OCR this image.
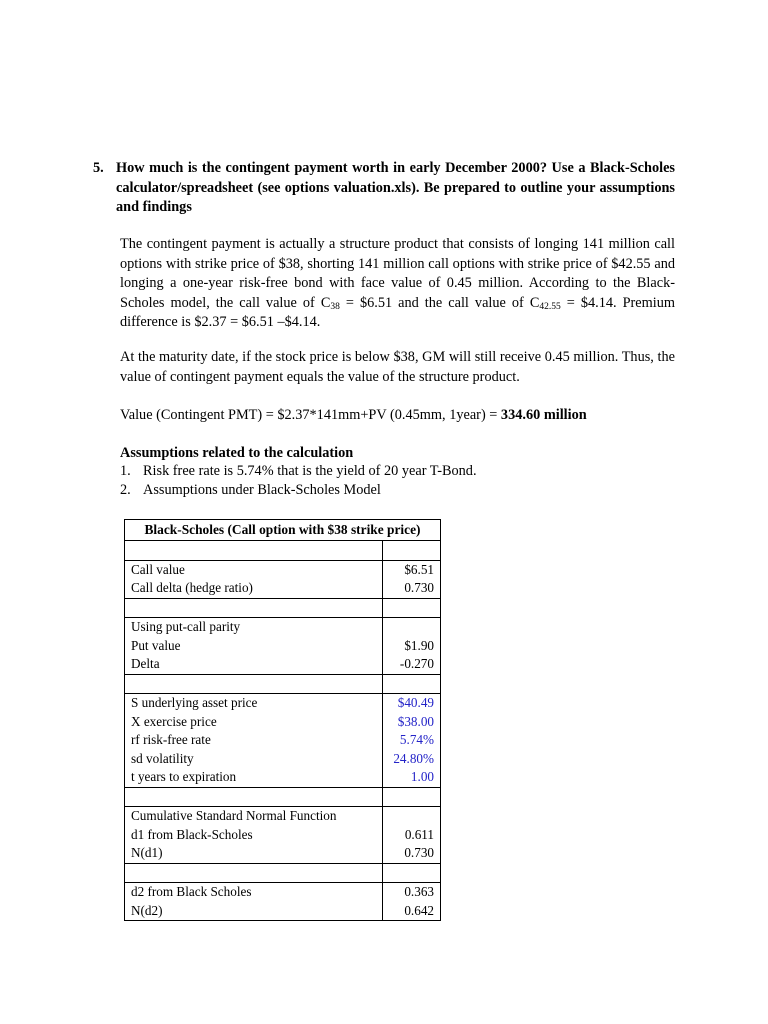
5. How much is the contingent payment worth in early December 2000? Use a Black-Scholes calculator/spreadsheet (see options valuation.xls). Be prepared to outline your assumptions and findings
The contingent payment is actually a structure product that consists of longing 141 million call options with strike price of $38, shorting 141 million call options with strike price of $42.55 and longing a one-year risk-free bond with face value of 0.45 million. According to the Black-Scholes model, the call value of $C_{38}$ = $6.51 and the call value of $C_{42.55}$ = $4.14. Premium difference is $2.37 = $6.51 –$4.14.
At the maturity date, if the stock price is below $38, GM will still receive 0.45 million. Thus, the value of contingent payment equals the value of the structure product.
Value (Contingent PMT) = $2.37*141mm+PV (0.45mm, 1year) = 334.60 million
Assumptions related to the calculation
1. Risk free rate is 5.74% that is the yield of 20 year T-Bond.
2. Assumptions under Black-Scholes Model
Black-Scholes (Call option with $38 strike price)	

Call value	$6.51
Call delta (hedge ratio)	0.730

Using put-call parity	
Put value	$1.90
Delta	-0.270

S underlying asset price	$40.49
X exercise price	$38.00
rf risk-free rate	5.74%
sd volatility	24.80%
t years to expiration	1.00

Cumulative Standard Normal Function	
d1 from Black-Scholes	0.611
N(d1)	0.730

d2 from Black Scholes	0.363
N(d2)	0.642
